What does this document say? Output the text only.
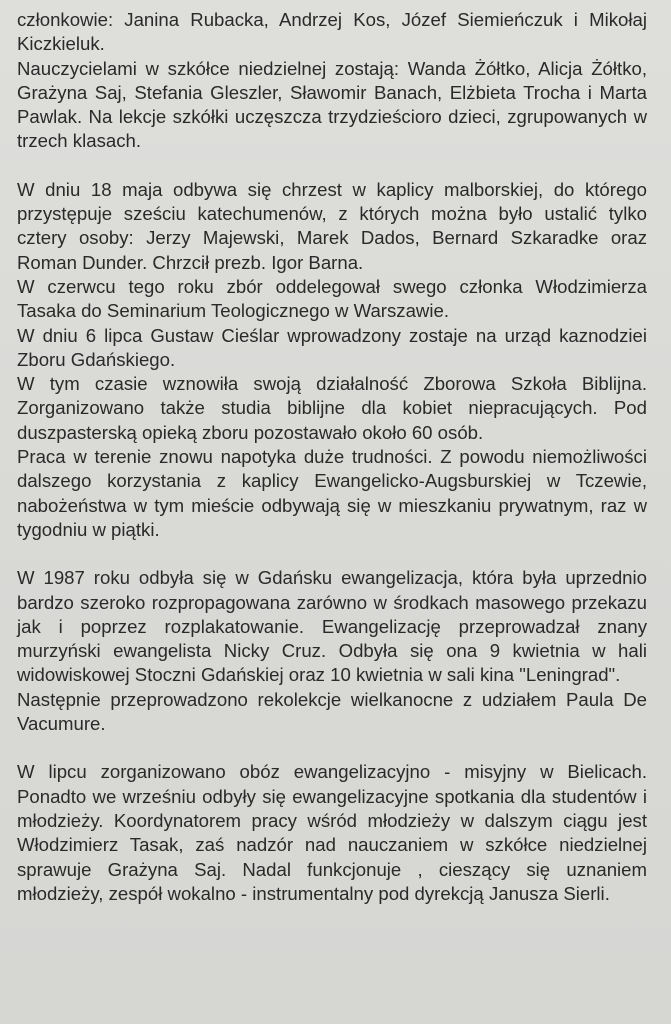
członkowie: Janina Rubacka, Andrzej Kos, Józef Siemieńczuk i Mikołaj Kiczkieluk.

Nauczycielami w szkółce niedzielnej zostają: Wanda Żółtko, Alicja Żółtko, Grażyna Saj, Stefania Gleszler, Sławomir Banach, Elżbieta Trocha i Marta Pawlak. Na lekcje szkółki uczęszcza trzydzieścioro dzieci, zgrupowanych w trzech klasach.

W dniu 18 maja odbywa się chrzest w kaplicy malborskiej, do którego przystępuje sześciu katechumenów, z których można było ustalić tylko cztery osoby: Jerzy Majewski, Marek Dados, Bernard Szkaradke oraz Roman Dunder. Chrzcił prezb. Igor Barna.

W czerwcu tego roku zbór oddelegował swego członka Włodzimierza Tasaka do Seminarium Teologicznego w Warszawie.

W dniu 6 lipca Gustaw Cieślar wprowadzony zostaje na urząd kaznodziei Zboru Gdańskiego.

W tym czasie wznowiła swoją działalność Zborowa Szkoła Biblijna. Zorganizowano także studia biblijne dla kobiet niepracujących. Pod duszpasterską opieką zboru pozostawało około 60 osób.

Praca w terenie znowu napotyka duże trudności. Z powodu niemożliwości dalszego korzystania z kaplicy Ewangelicko-Augsburskiej w Tczewie, nabożeństwa w tym mieście odbywają się w mieszkaniu prywatnym, raz w tygodniu w piątki.

W 1987 roku odbyła się w Gdańsku ewangelizacja, która była uprzednio bardzo szeroko rozpropagowana zarówno w środkach masowego przekazu jak i poprzez rozplakatowanie. Ewangelizację przeprowadzał znany murzyński ewangelista Nicky Cruz. Odbyła się ona 9 kwietnia w hali widowiskowej Stoczni Gdańskiej oraz 10 kwietnia w sali kina "Leningrad".

Następnie przeprowadzono rekolekcje wielkanocne z udziałem Paula De Vacumure.

W lipcu zorganizowano obóz ewangelizacyjno - misyjny w Bielicach. Ponadto we wrześniu odbyły się ewangelizacyjne spotkania dla studentów i młodzieży. Koordynatorem pracy wśród młodzieży w dalszym ciągu jest Włodzimierz Tasak, zaś nadzór nad nauczaniem w szkółce niedzielnej sprawuje Grażyna Saj. Nadal funkcjonuje , cieszący się uznaniem młodzieży, zespół wokalno - instrumentalny pod dyrekcją Janusza Sierli.
